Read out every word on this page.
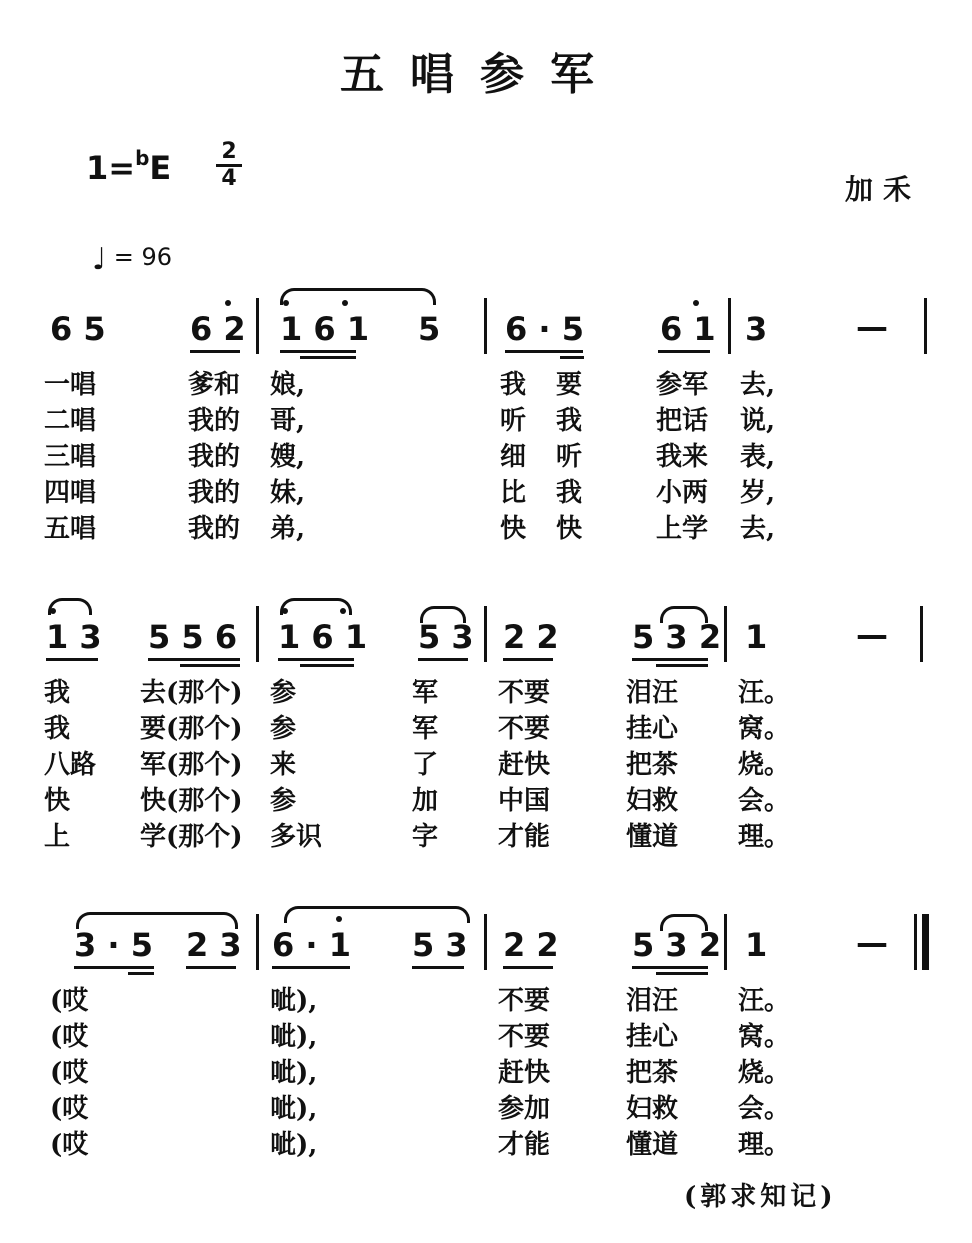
五唱参军
1=$^b$E	2
4	加禾
♩ = 96
6 5	6 2 1 6 1 5 6 · 5 6 1 3	—
一唱	爹和 娘,	我 要	参军 去,
二唱	我的 哥,	听 我	把话 说,
三唱	我的 嫂,	细 听	我来 表,
四唱	我的 妹,	比 我	小两 岁,
五唱	我的 弟,	快 快	上学 去,
1 3 5 5 6 1 6 1 5 3 2 2 5 3 2 1	—
我	去(那个) 参	军 不要	泪汪 汪。
我	要(那个) 参	军 不要	挂心 窝。
八路 军(那个) 来	了 赶快	把茶 烧。
快	快(那个) 参	加 中国	妇救 会。
上	学(那个) 多识	字 才能	懂道 理。
3 · 5 2 3 6 · 1 5 3 2 2 5 3 2 1	—
(哎	呲),	不要	泪汪 汪。
(哎	呲),	不要	挂心 窝。
(哎	呲),	赶快	把茶 烧。
(哎	呲),	参加	妇救 会。
(哎	呲),	才能	懂道 理。
(郭求知记)
